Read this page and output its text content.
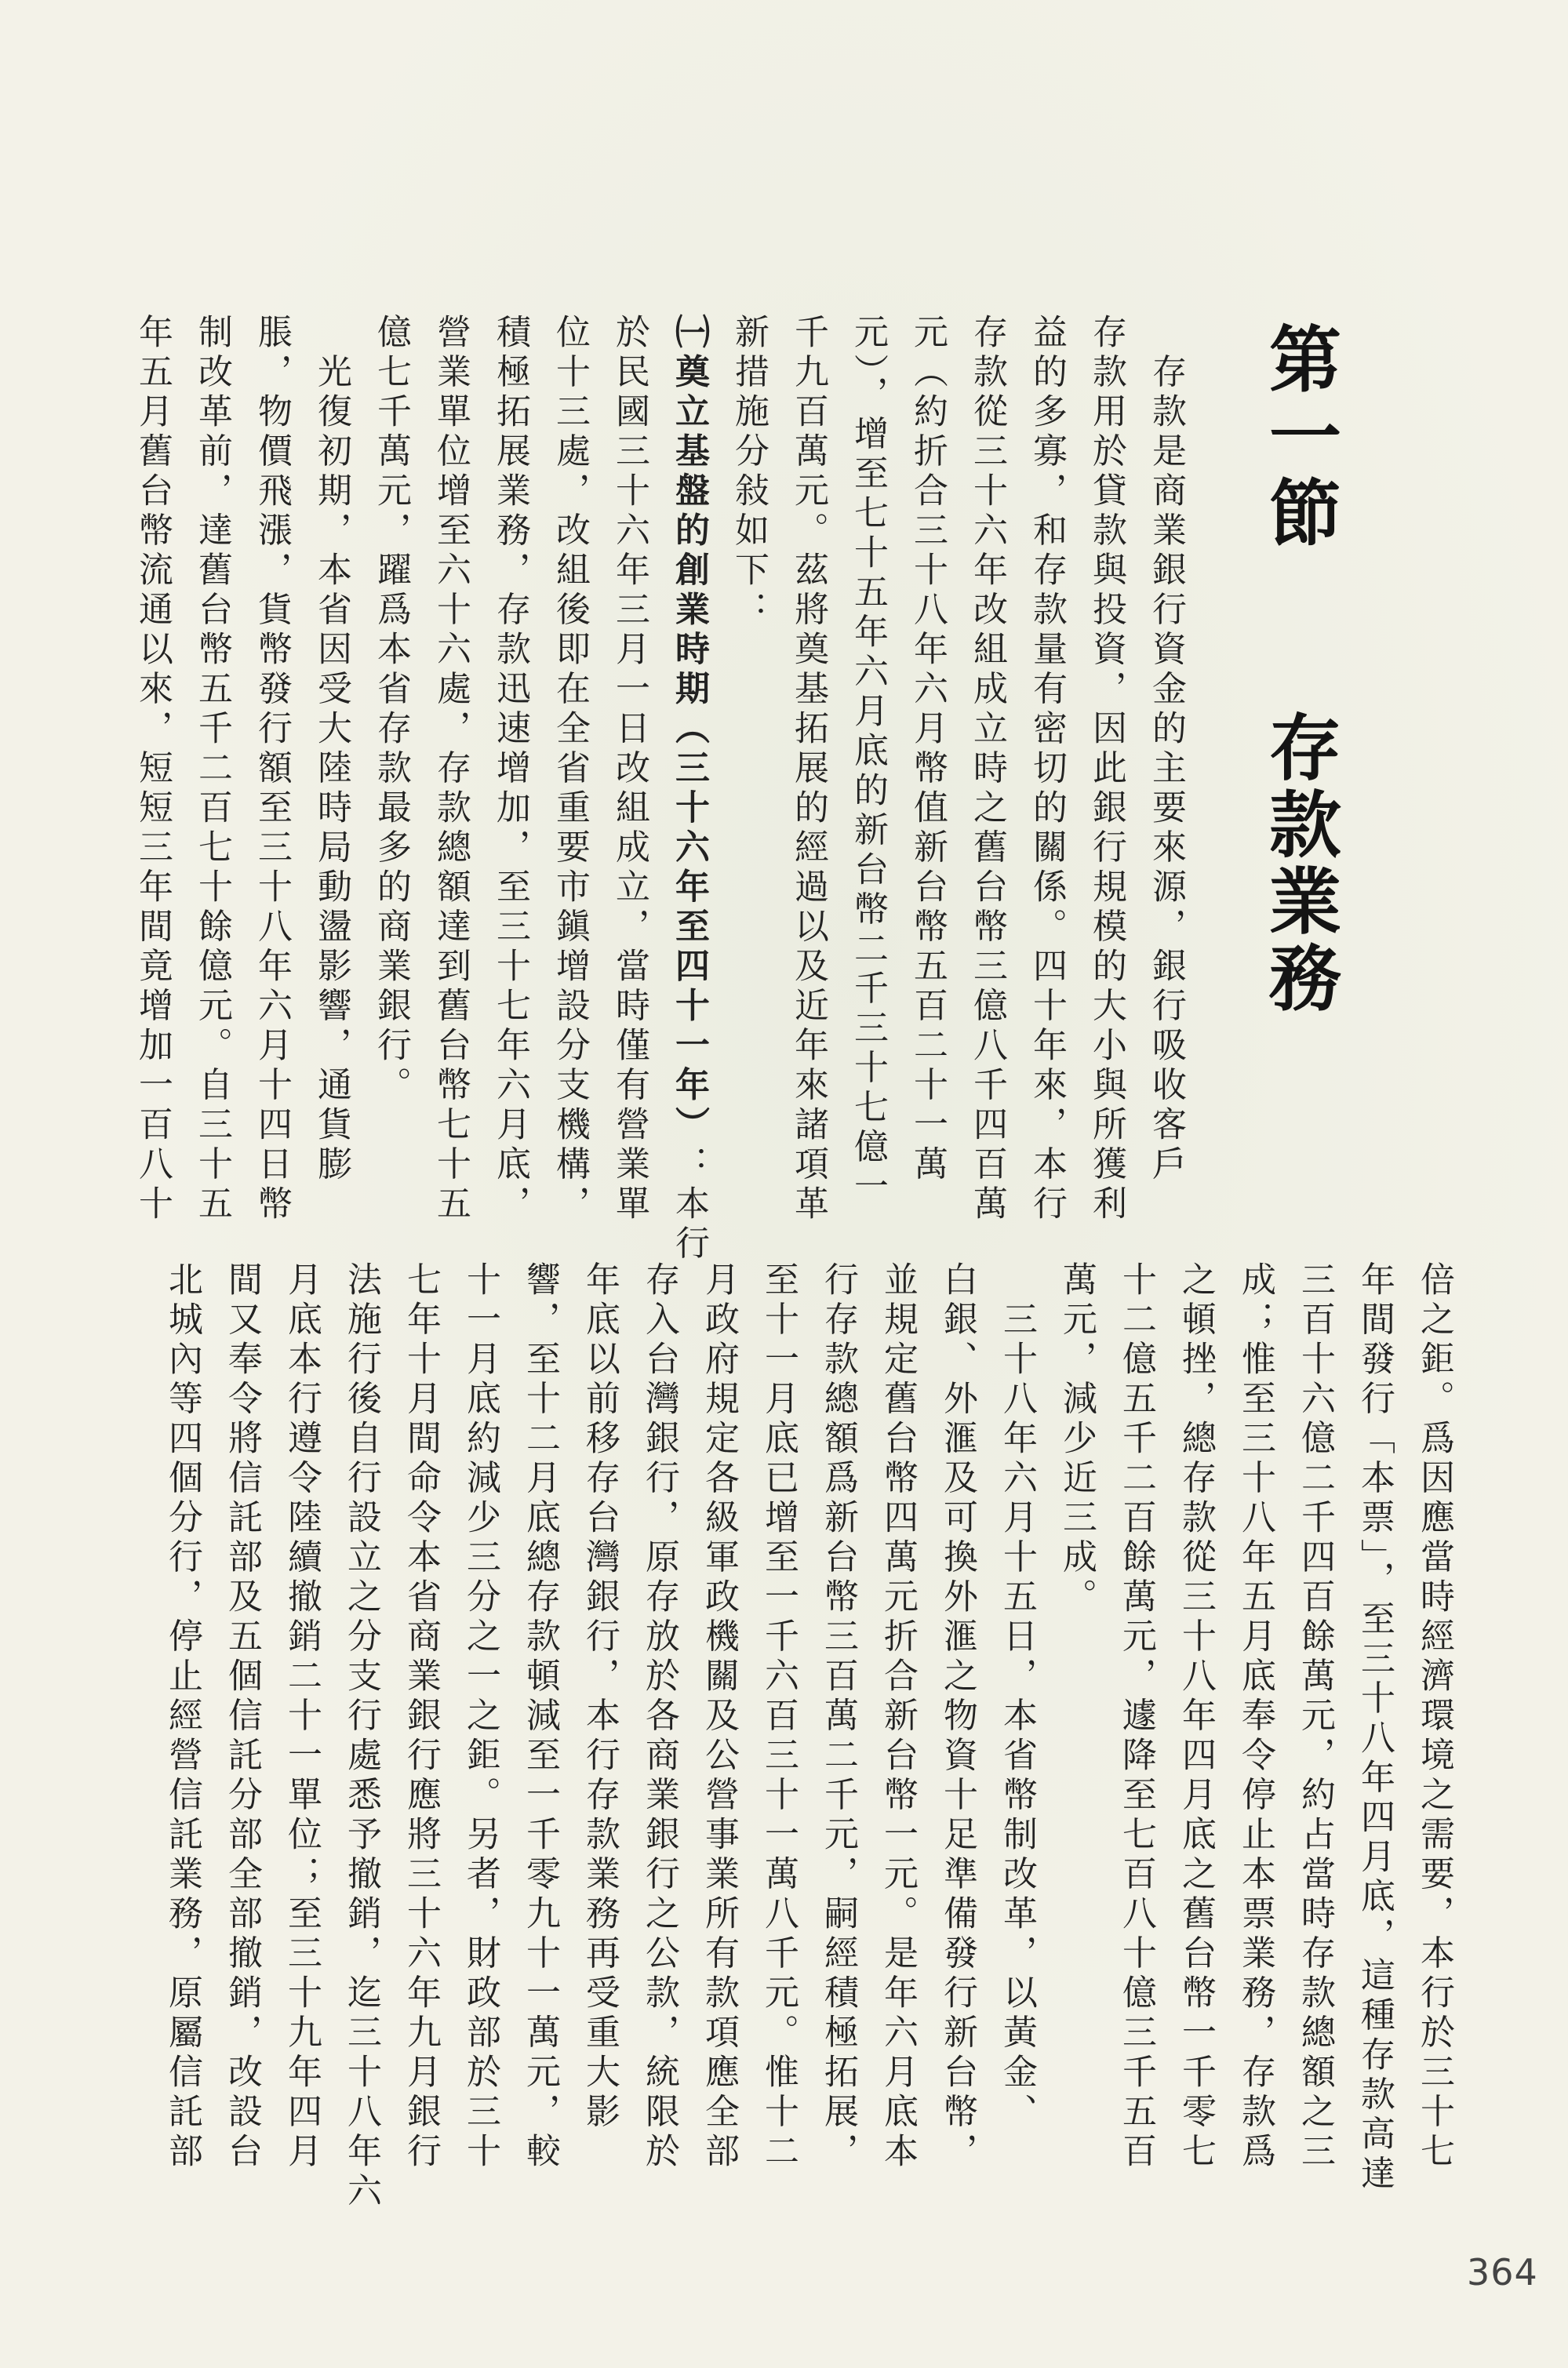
第一節
存款業務
　存款是商業銀行資金的主要來源，銀行吸收客戶
存款用於貸款與投資，因此銀行規模的大小與所獲利
益的多寡，和存款量有密切的關係。四十年來，本行
存款從三十六年改組成立時之舊台幣三億八千四百萬
元（約折合三十八年六月幣值新台幣五百二十一萬
元），增至七十五年六月底的新台幣二千三十七億一
千九百萬元。茲將奠基拓展的經過以及近年來諸項革
新措施分敍如下：
㈠奠立基盤的創業時期（三十六年至四十一年）：本行
於民國三十六年三月一日改組成立，當時僅有營業單
位十三處，改組後即在全省重要市鎭增設分支機構，
積極拓展業務，存款迅速增加，至三十七年六月底，
營業單位增至六十六處，存款總額達到舊台幣七十五
億七千萬元，躍爲本省存款最多的商業銀行。
　光復初期，本省因受大陸時局動盪影響，通貨膨
脹，物價飛漲，貨幣發行額至三十八年六月十四日幣
制改革前，達舊台幣五千二百七十餘億元。自三十五
年五月舊台幣流通以來，短短三年間竟增加一百八十
倍之鉅。爲因應當時經濟環境之需要，本行於三十七
年間發行「本票」，至三十八年四月底，這種存款高達
三百十六億二千四百餘萬元，約占當時存款總額之三
成；惟至三十八年五月底奉令停止本票業務，存款爲
之頓挫，總存款從三十八年四月底之舊台幣一千零七
十二億五千二百餘萬元，遽降至七百八十億三千五百
萬元，減少近三成。
　三十八年六月十五日，本省幣制改革，以黃金、
白銀、外滙及可換外滙之物資十足準備發行新台幣，
並規定舊台幣四萬元折合新台幣一元。是年六月底本
行存款總額爲新台幣三百萬二千元，嗣經積極拓展，
至十一月底已增至一千六百三十一萬八千元。惟十二
月政府規定各級軍政機關及公營事業所有款項應全部
存入台灣銀行，原存放於各商業銀行之公款，統限於
年底以前移存台灣銀行，本行存款業務再受重大影
響，至十二月底總存款頓減至一千零九十一萬元，較
十一月底約減少三分之一之鉅。另者，財政部於三十
七年十月間命令本省商業銀行應將三十六年九月銀行
法施行後自行設立之分支行處悉予撤銷，迄三十八年六
月底本行遵令陸續撤銷二十一單位；至三十九年四月
間又奉令將信託部及五個信託分部全部撤銷，改設台
北城內等四個分行，停止經營信託業務，原屬信託部
364
